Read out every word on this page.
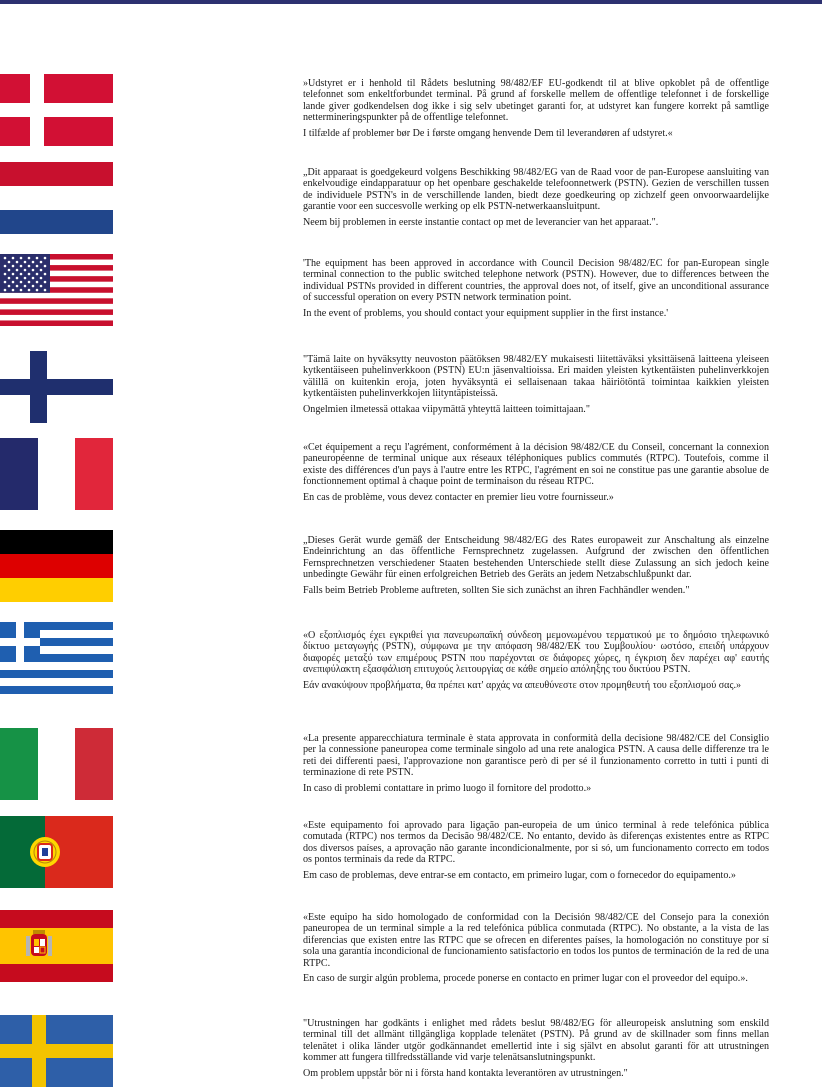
»Udstyret er i henhold til Rådets beslutning 98/482/EF EU-godkendt til at blive opkoblet på de offentlige telefonnet som enkeltforbundet terminal. På grund af forskelle mellem de offentlige telefonnet i de forskellige lande giver godkendelsen dog ikke i sig selv ubetinget garanti for, at udstyret kan fungere korrekt på samtlige nettermineringspunkter på de offentlige telefonnet.

I tilfælde af problemer bør De i første omgang henvende Dem til leverandøren af udstyret.«

„Dit apparaat is goedgekeurd volgens Beschikking 98/482/EG van de Raad voor de pan-Europese aansluiting van enkelvoudige eindapparatuur op het openbare geschakelde telefoonnetwerk (PSTN). Gezien de verschillen tussen de individuele PSTN's in de verschillende landen, biedt deze goedkeuring op zichzelf geen onvoorwaardelijke garantie voor een succesvolle werking op elk PSTN-netwerkaansluitpunt.

Neem bij problemen in eerste instantie contact op met de leverancier van het apparaat.".

'The equipment has been approved in accordance with Council Decision 98/482/EC for pan-European single terminal connection to the public switched telephone network (PSTN). However, due to differences between the individual PSTNs provided in different countries, the approval does not, of itself, give an unconditional assurance of successful operation on every PSTN network termination point.

In the event of problems, you should contact your equipment supplier in the first instance.'

"Tämä laite on hyväksytty neuvoston päätöksen 98/482/EY mukaisesti liitettäväksi yksittäisenä laitteena yleiseen kytkentäiseen puhelinverkkoon (PSTN) EU:n jäsenvaltioissa. Eri maiden yleisten kytkentäisten puhelinverkkojen välillä on kuitenkin eroja, joten hyväksyntä ei sellaisenaan takaa häiriötöntä toimintaa kaikkien yleisten kytkentäisten puhelinverkkojen liityntäpisteissä.

Ongelmien ilmetessä ottakaa viipymättä yhteyttä laitteen toimittajaan."

«Cet équipement a reçu l'agrément, conformément à la décision 98/482/CE du Conseil, concernant la connexion paneuropéenne de terminal unique aux réseaux téléphoniques publics commutés (RTPC). Toutefois, comme il existe des différences d'un pays à l'autre entre les RTPC, l'agrément en soi ne constitue pas une garantie absolue de fonctionnement optimal à chaque point de terminaison du réseau RTPC.

En cas de problème, vous devez contacter en premier lieu votre fournisseur.»

„Dieses Gerät wurde gemäß der Entscheidung 98/482/EG des Rates europaweit zur Anschaltung als einzelne Endeinrichtung an das öffentliche Fernsprechnetz zugelassen. Aufgrund der zwischen den öffentlichen Fernsprechnetzen verschiedener Staaten bestehenden Unterschiede stellt diese Zulassung an sich jedoch keine unbedingte Gewähr für einen erfolgreichen Betrieb des Geräts an jedem Netzabschlußpunkt dar.

Falls beim Betrieb Probleme auftreten, sollten Sie sich zunächst an ihren Fachhändler wenden."

«Ο εξοπλισμός έχει εγκριθεί για πανευρωπαϊκή σύνδεση μεμονωμένου τερματικού με το δημόσιο τηλεφωνικό δίκτυο μεταγωγής (PSTN), σύμφωνα με την απόφαση 98/482/ΕΚ του Συμβουλίου· ωστόσο, επειδή υπάρχουν διαφορές μεταξύ των επιμέρους PSTN που παρέχονται σε διάφορες χώρες, η έγκριση δεν παρέχει αφ' εαυτής ανεπιφύλακτη εξασφάλιση επιτυχούς λειτουργίας σε κάθε σημείο απόληξης του δικτύου PSTN.

Εάν ανακύψουν προβλήματα, θα πρέπει κατ' αρχάς να απευθύνεστε στον προμηθευτή του εξοπλισμού σας.»

«La presente apparecchiatura terminale è stata approvata in conformità della decisione 98/482/CE del Consiglio per la connessione paneuropea come terminale singolo ad una rete analogica PSTN. A causa delle differenze tra le reti dei differenti paesi, l'approvazione non garantisce però di per sé il funzionamento corretto in tutti i punti di terminazione di rete PSTN.

In caso di problemi contattare in primo luogo il fornitore del prodotto.»

«Este equipamento foi aprovado para ligação pan-europeia de um único terminal à rede telefónica pública comutada (RTPC) nos termos da Decisão 98/482/CE. No entanto, devido às diferenças existentes entre as RTPC dos diversos países, a aprovação não garante incondicionalmente, por si só, um funcionamento correcto em todos os pontos terminais da rede da RTPC.

Em caso de problemas, deve entrar-se em contacto, em primeiro lugar, com o fornecedor do equipamento.»

«Este equipo ha sido homologado de conformidad con la Decisión 98/482/CE del Consejo para la conexión paneuropea de un terminal simple a la red telefónica pública conmutada (RTPC). No obstante, a la vista de las diferencias que existen entre las RTPC que se ofrecen en diferentes países, la homologación no constituye por sí sola una garantía incondicional de funcionamiento satisfactorio en todos los puntos de terminación de la red de una RTPC.

En caso de surgir algún problema, procede ponerse en contacto en primer lugar con el proveedor del equipo.».

"Utrustningen har godkänts i enlighet med rådets beslut 98/482/EG för alleuropeisk anslutning som enskild terminal till det allmänt tillgängliga kopplade telenätet (PSTN). På grund av de skillnader som finns mellan telenätet i olika länder utgör godkännandet emellertid inte i sig självt en absolut garanti för att utrustningen kommer att fungera tillfredsställande vid varje telenätsanslutningspunkt.

Om problem uppstår bör ni i första hand kontakta leverantören av utrustningen."
